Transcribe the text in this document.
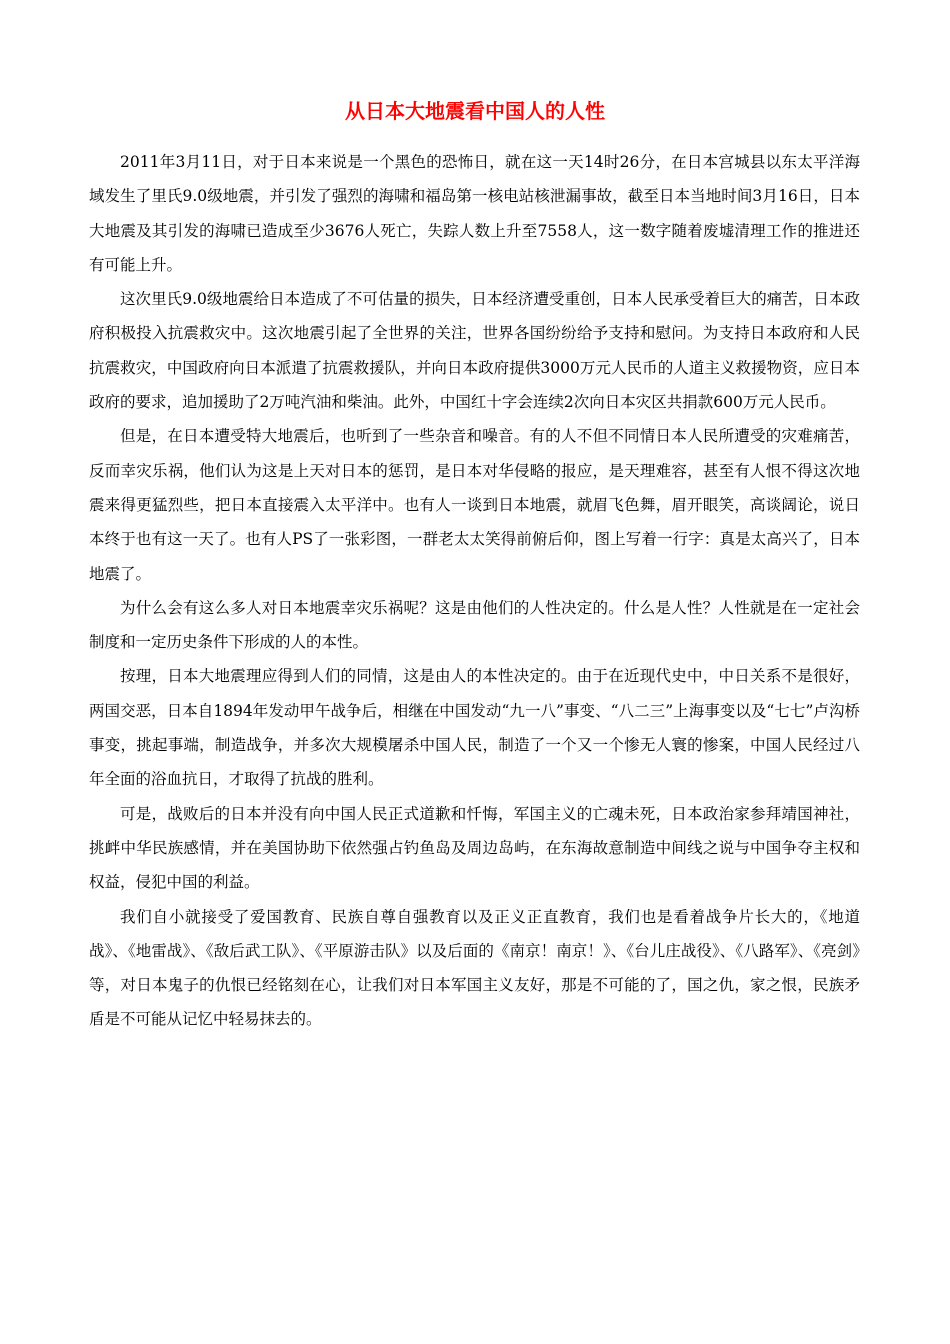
从日本大地震看中国人的人性

2011年3月11日，对于日本来说是一个黑色的恐怖日，就在这一天14时26分，在日本宫城县以东太平洋海域发生了里氏9.0级地震，并引发了强烈的海啸和福岛第一核电站核泄漏事故，截至日本当地时间3月16日，日本大地震及其引发的海啸已造成至少3676人死亡，失踪人数上升至7558人，这一数字随着废墟清理工作的推进还有可能上升。

这次里氏9.0级地震给日本造成了不可估量的损失，日本经济遭受重创，日本人民承受着巨大的痛苦，日本政府积极投入抗震救灾中。这次地震引起了全世界的关注，世界各国纷纷给予支持和慰问。为支持日本政府和人民抗震救灾，中国政府向日本派遣了抗震救援队，并向日本政府提供3000万元人民币的人道主义救援物资，应日本政府的要求，追加援助了2万吨汽油和柴油。此外，中国红十字会连续2次向日本灾区共捐款600万元人民币。

但是，在日本遭受特大地震后，也听到了一些杂音和噪音。有的人不但不同情日本人民所遭受的灾难痛苦，反而幸灾乐祸，他们认为这是上天对日本的惩罚，是日本对华侵略的报应，是天理难容，甚至有人恨不得这次地震来得更猛烈些，把日本直接震入太平洋中。也有人一谈到日本地震，就眉飞色舞，眉开眼笑，高谈阔论，说日本终于也有这一天了。也有人PS了一张彩图，一群老太太笑得前俯后仰，图上写着一行字：真是太高兴了，日本地震了。

为什么会有这么多人对日本地震幸灾乐祸呢？这是由他们的人性决定的。什么是人性？人性就是在一定社会制度和一定历史条件下形成的人的本性。

按理，日本大地震理应得到人们的同情，这是由人的本性决定的。由于在近现代史中，中日关系不是很好，两国交恶，日本自1894年发动甲午战争后，相继在中国发动“九一八”事变、“八二三”上海事变以及“七七”卢沟桥事变，挑起事端，制造战争，并多次大规模屠杀中国人民，制造了一个又一个惨无人寰的惨案，中国人民经过八年全面的浴血抗日，才取得了抗战的胜利。

可是，战败后的日本并没有向中国人民正式道歉和忏悔，军国主义的亡魂未死，日本政治家参拜靖国神社，挑衅中华民族感情，并在美国协助下依然强占钓鱼岛及周边岛屿，在东海故意制造中间线之说与中国争夺主权和权益，侵犯中国的利益。

我们自小就接受了爱国教育、民族自尊自强教育以及正义正直教育，我们也是看着战争片长大的，《地道战》、《地雷战》、《敌后武工队》、《平原游击队》以及后面的《南京！南京！》、《台儿庄战役》、《八路军》、《亮剑》等，对日本鬼子的仇恨已经铭刻在心，让我们对日本军国主义友好，那是不可能的了，国之仇，家之恨，民族矛盾是不可能从记忆中轻易抹去的。
